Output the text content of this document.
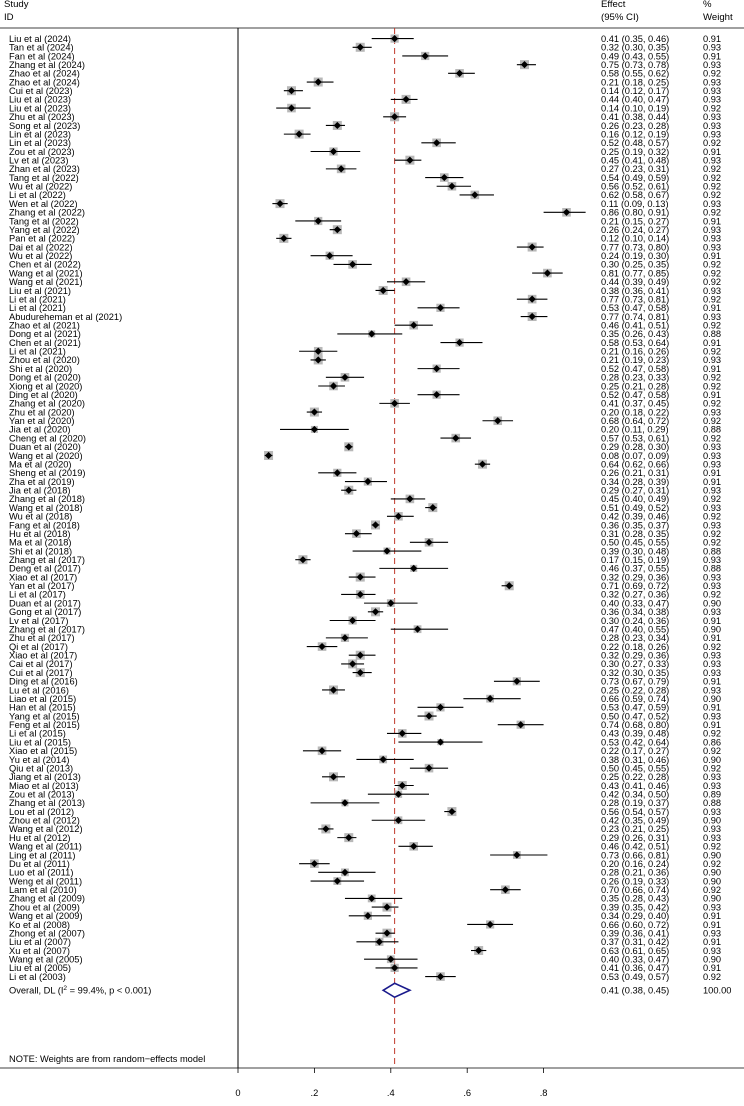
Study
ID
Effect
(95% CI)
%
Weight
Liu et al (2024)	0.41 (0.35, 0.46)	0.91
Tan et al (2024)	0.32 (0.30, 0.35)	0.93
Fan et al (2024)	0.49 (0.43, 0.55)	0.91
Zhang et al (2024)	0.75 (0.73, 0.78)	0.93
Zhao et al (2024)	0.58 (0.55, 0.62)	0.92
Zhao et al (2024)	0.21 (0.18, 0.25)	0.93
Cui et al (2023)	0.14 (0.12, 0.17)	0.93
Liu et al (2023)	0.44 (0.40, 0.47)	0.93
Liu et al (2023)	0.14 (0.10, 0.19)	0.92
Zhu et al (2023)	0.41 (0.38, 0.44)	0.93
Song et al (2023)	0.26 (0.23, 0.28)	0.93
Lin et al (2023)	0.16 (0.12, 0.19)	0.93
Lin et al (2023)	0.52 (0.48, 0.57)	0.92
Zou et al (2023)	0.25 (0.19, 0.32)	0.91
Lv et al (2023)	0.45 (0.41, 0.48)	0.93
Zhan et al (2023)	0.27 (0.23, 0.31)	0.92
Tang et al (2022)	0.54 (0.49, 0.59)	0.92
Wu et al (2022)	0.56 (0.52, 0.61)	0.92
Li et al (2022)	0.62 (0.58, 0.67)	0.92
Wen et al (2022)	0.11 (0.09, 0.13)	0.93
Zhang et al (2022)	0.86 (0.80, 0.91)	0.92
Tang et al (2022)	0.21 (0.15, 0.27)	0.91
Yang et al (2022)	0.26 (0.24, 0.27)	0.93
Pan et al (2022)	0.12 (0.10, 0.14)	0.93
Dai et al (2022)	0.77 (0.73, 0.80)	0.93
Wu et al (2022)	0.24 (0.19, 0.30)	0.91
Chen et al (2022)	0.30 (0.25, 0.35)	0.92
Wang et al (2021)	0.81 (0.77, 0.85)	0.92
Wang et al (2021)	0.44 (0.39, 0.49)	0.92
Liu et al (2021)	0.38 (0.36, 0.41)	0.93
Li et al (2021)	0.77 (0.73, 0.81)	0.92
Li et al (2021)	0.53 (0.47, 0.58)	0.91
Abudureheman et al (2021)	0.77 (0.74, 0.81)	0.93
Zhao et al (2021)	0.46 (0.41, 0.51)	0.92
Dong et al (2021)	0.35 (0.26, 0.43)	0.88
Chen et al (2021)	0.58 (0.53, 0.64)	0.91
Li et al (2021)	0.21 (0.16, 0.26)	0.92
Zhou et al (2020)	0.21 (0.19, 0.23)	0.93
Shi et al (2020)	0.52 (0.47, 0.58)	0.91
Dong et al (2020)	0.28 (0.23, 0.33)	0.92
Xiong et al (2020)	0.25 (0.21, 0.28)	0.92
Ding et al (2020)	0.52 (0.47, 0.58)	0.91
Zhang et al (2020)	0.41 (0.37, 0.45)	0.92
Zhu et al (2020)	0.20 (0.18, 0.22)	0.93
Yan et al (2020)	0.68 (0.64, 0.72)	0.92
Jia et al (2020)	0.20 (0.11, 0.29)	0.88
Cheng et al (2020)	0.57 (0.53, 0.61)	0.92
Duan et al (2020)	0.29 (0.28, 0.30)	0.93
Wang et al (2020)	0.08 (0.07, 0.09)	0.93
Ma et al (2020)	0.64 (0.62, 0.66)	0.93
Sheng et al (2019)	0.26 (0.21, 0.31)	0.91
Zha et al (2019)	0.34 (0.28, 0.39)	0.91
Jia et al (2018)	0.29 (0.27, 0.31)	0.93
Zhang et al (2018)	0.45 (0.40, 0.49)	0.92
Wang et al (2018)	0.51 (0.49, 0.52)	0.93
Wu et al (2018)	0.42 (0.39, 0.46)	0.92
Fang et al (2018)	0.36 (0.35, 0.37)	0.93
Hu et al (2018)	0.31 (0.28, 0.35)	0.92
Ma et al (2018)	0.50 (0.45, 0.55)	0.92
Shi et al (2018)	0.39 (0.30, 0.48)	0.88
Zhang et al (2017)	0.17 (0.15, 0.19)	0.93
Deng et al (2017)	0.46 (0.37, 0.55)	0.88
Xiao et al (2017)	0.32 (0.29, 0.36)	0.93
Yan et al (2017)	0.71 (0.69, 0.72)	0.93
Li et al (2017)	0.32 (0.27, 0.36)	0.92
Duan et al (2017)	0.40 (0.33, 0.47)	0.90
Gong et al (2017)	0.36 (0.34, 0.38)	0.93
Lv et al (2017)	0.30 (0.24, 0.36)	0.91
Zhang et al (2017)	0.47 (0.40, 0.55)	0.90
Zhu et al (2017)	0.28 (0.23, 0.34)	0.91
Qi et al (2017)	0.22 (0.18, 0.26)	0.92
Xiao et al (2017)	0.32 (0.29, 0.36)	0.93
Cai et al (2017)	0.30 (0.27, 0.33)	0.93
Cui et al (2017)	0.32 (0.30, 0.35)	0.93
Ding et al (2016)	0.73 (0.67, 0.79)	0.91
Lu et al (2016)	0.25 (0.22, 0.28)	0.93
Liao et al (2015)	0.66 (0.59, 0.74)	0.90
Han et al (2015)	0.53 (0.47, 0.59)	0.91
Yang et al (2015)	0.50 (0.47, 0.52)	0.93
Feng et al (2015)	0.74 (0.68, 0.80)	0.91
Li et al (2015)	0.43 (0.39, 0.48)	0.92
Liu et al (2015)	0.53 (0.42, 0.64)	0.86
Xiao et al (2015)	0.22 (0.17, 0.27)	0.92
Yu et al (2014)	0.38 (0.31, 0.46)	0.90
Qiu et al (2013)	0.50 (0.45, 0.55)	0.92
Jiang et al (2013)	0.25 (0.22, 0.28)	0.93
Miao et al (2013)	0.43 (0.41, 0.46)	0.93
Zou et al (2013)	0.42 (0.34, 0.50)	0.89
Zhang et al (2013)	0.28 (0.19, 0.37)	0.88
Lou et al (2012)	0.56 (0.54, 0.57)	0.93
Zhou et al (2012)	0.42 (0.35, 0.49)	0.90
Wang et al (2012)	0.23 (0.21, 0.25)	0.93
Hu et al (2012)	0.29 (0.26, 0.31)	0.93
Wang et al (2011)	0.46 (0.42, 0.51)	0.92
Ling et al (2011)	0.73 (0.66, 0.81)	0.90
Du et al (2011)	0.20 (0.16, 0.24)	0.92
Luo et al (2011)	0.28 (0.21, 0.36)	0.90
Weng et al (2011)	0.26 (0.19, 0.33)	0.90
Lam et al (2010)	0.70 (0.66, 0.74)	0.92
Zhang et al (2009)	0.35 (0.28, 0.43)	0.90
Zhou et al (2009)	0.39 (0.35, 0.42)	0.93
Wang et al (2009)	0.34 (0.29, 0.40)	0.91
Ko et al (2008)	0.66 (0.60, 0.72)	0.91
Zhong et al (2007)	0.39 (0.36, 0.41)	0.93
Liu et al (2007)	0.37 (0.31, 0.42)	0.91
Xu et al (2007)	0.63 (0.61, 0.65)	0.93
Wang et al (2005)	0.40 (0.33, 0.47)	0.90
Liu et al (2005)	0.41 (0.36, 0.47)	0.91
Li et al (2003)	0.53 (0.49, 0.57)	0.92
Overall, DL ($I^2 = 99.4\%$, p < 0.001)	0.41 (0.38, 0.45)	100.00
0	.2	.4	.6	.8
NOTE: Weights are from random−effects model
